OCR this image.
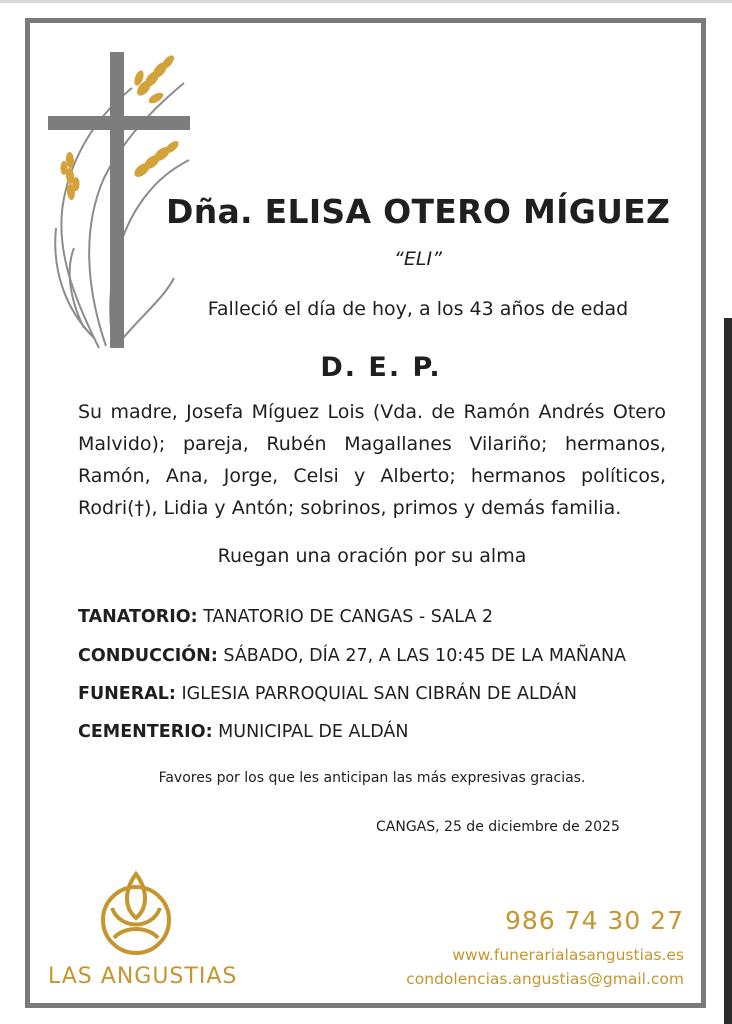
Dña. ELISA OTERO MÍGUEZ
“ELI”
Falleció el día de hoy, a los 43 años de edad
D. E. P.
Su madre, Josefa Míguez Lois (Vda. de Ramón Andrés Otero Malvido); pareja, Rubén Magallanes Vilariño; hermanos, Ramón, Ana, Jorge, Celsi y Alberto; hermanos políticos, Rodri(†), Lidia y Antón; sobrinos, primos y demás familia.
Ruegan una oración por su alma
TANATORIO: TANATORIO DE CANGAS - SALA 2
CONDUCCIÓN: SÁBADO, DÍA 27, A LAS 10:45 DE LA MAÑANA
FUNERAL: IGLESIA PARROQUIAL SAN CIBRÁN DE ALDÁN
CEMENTERIO: MUNICIPAL DE ALDÁN
Favores por los que les anticipan las más expresivas gracias.
CANGAS, 25 de diciembre de 2025
LAS ANGUSTIAS
986 74 30 27
www.funerarialasangustias.es
condolencias.angustias@gmail.com
